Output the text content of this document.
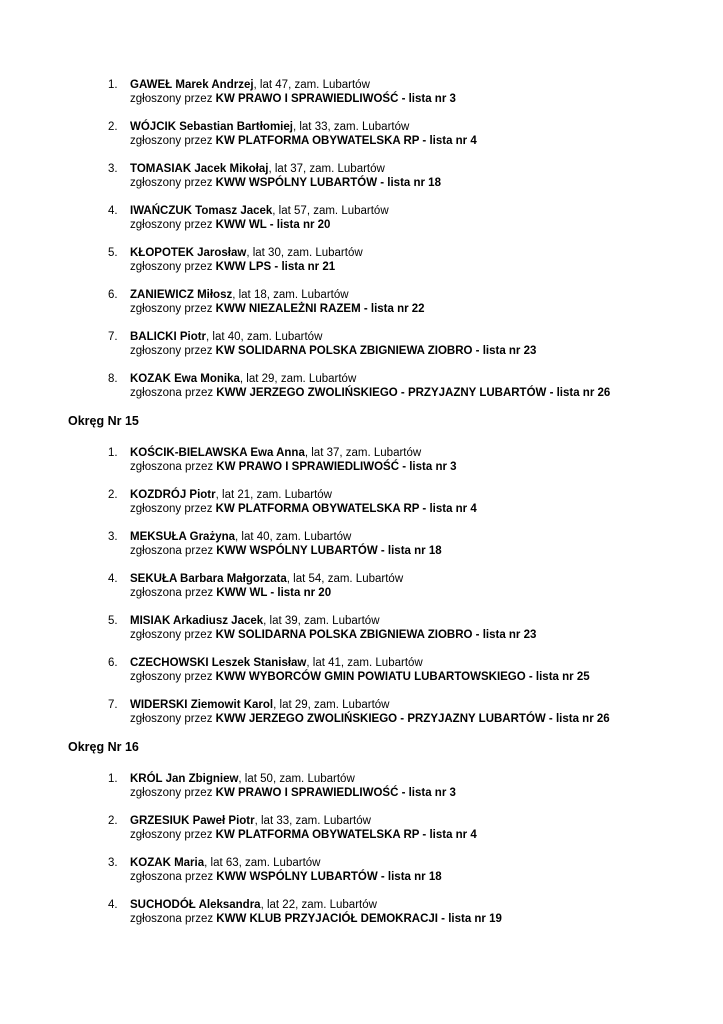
1.	GAWEŁ Marek Andrzej, lat 47, zam. Lubartów
zgłoszony przez KW PRAWO I SPRAWIEDLIWOŚĆ - lista nr 3
2.	WÓJCIK Sebastian Bartłomiej, lat 33, zam. Lubartów
zgłoszony przez KW PLATFORMA OBYWATELSKA RP - lista nr 4
3.	TOMASIAK Jacek Mikołaj, lat 37, zam. Lubartów
zgłoszony przez KWW WSPÓLNY LUBARTÓW - lista nr 18
4.	IWAŃCZUK Tomasz Jacek, lat 57, zam. Lubartów
zgłoszony przez KWW WL - lista nr 20
5.	KŁOPOTEK Jarosław, lat 30, zam. Lubartów
zgłoszony przez KWW LPS - lista nr 21
6.	ZANIEWICZ Miłosz, lat 18, zam. Lubartów
zgłoszony przez KWW NIEZALEŻNI RAZEM - lista nr 22
7.	BALICKI Piotr, lat 40, zam. Lubartów
zgłoszony przez KW SOLIDARNA POLSKA ZBIGNIEWA ZIOBRO - lista nr 23
8.	KOZAK Ewa Monika, lat 29, zam. Lubartów
zgłoszona przez KWW JERZEGO ZWOLIŃSKIEGO - PRZYJAZNY LUBARTÓW - lista nr 26
Okręg Nr 15
1.	KOŚCIK-BIELAWSKA Ewa Anna, lat 37, zam. Lubartów
zgłoszona przez KW PRAWO I SPRAWIEDLIWOŚĆ - lista nr 3
2.	KOZDRÓJ Piotr, lat 21, zam. Lubartów
zgłoszony przez KW PLATFORMA OBYWATELSKA RP - lista nr 4
3.	MEKSUŁA Grażyna, lat 40, zam. Lubartów
zgłoszona przez KWW WSPÓLNY LUBARTÓW - lista nr 18
4.	SEKUŁA Barbara Małgorzata, lat 54, zam. Lubartów
zgłoszona przez KWW WL - lista nr 20
5.	MISIAK Arkadiusz Jacek, lat 39, zam. Lubartów
zgłoszony przez KW SOLIDARNA POLSKA ZBIGNIEWA ZIOBRO - lista nr 23
6.	CZECHOWSKI Leszek Stanisław, lat 41, zam. Lubartów
zgłoszony przez KWW WYBORCÓW GMIN POWIATU LUBARTOWSKIEGO - lista nr 25
7.	WIDERSKI Ziemowit Karol, lat 29, zam. Lubartów
zgłoszony przez KWW JERZEGO ZWOLIŃSKIEGO - PRZYJAZNY LUBARTÓW - lista nr 26
Okręg Nr 16
1.	KRÓL Jan Zbigniew, lat 50, zam. Lubartów
zgłoszony przez KW PRAWO I SPRAWIEDLIWOŚĆ - lista nr 3
2.	GRZESIUK Paweł Piotr, lat 33, zam. Lubartów
zgłoszony przez KW PLATFORMA OBYWATELSKA RP - lista nr 4
3.	KOZAK Maria, lat 63, zam. Lubartów
zgłoszona przez KWW WSPÓLNY LUBARTÓW - lista nr 18
4.	SUCHODÓŁ Aleksandra, lat 22, zam. Lubartów
zgłoszona przez KWW KLUB PRZYJACIÓŁ DEMOKRACJI - lista nr 19
